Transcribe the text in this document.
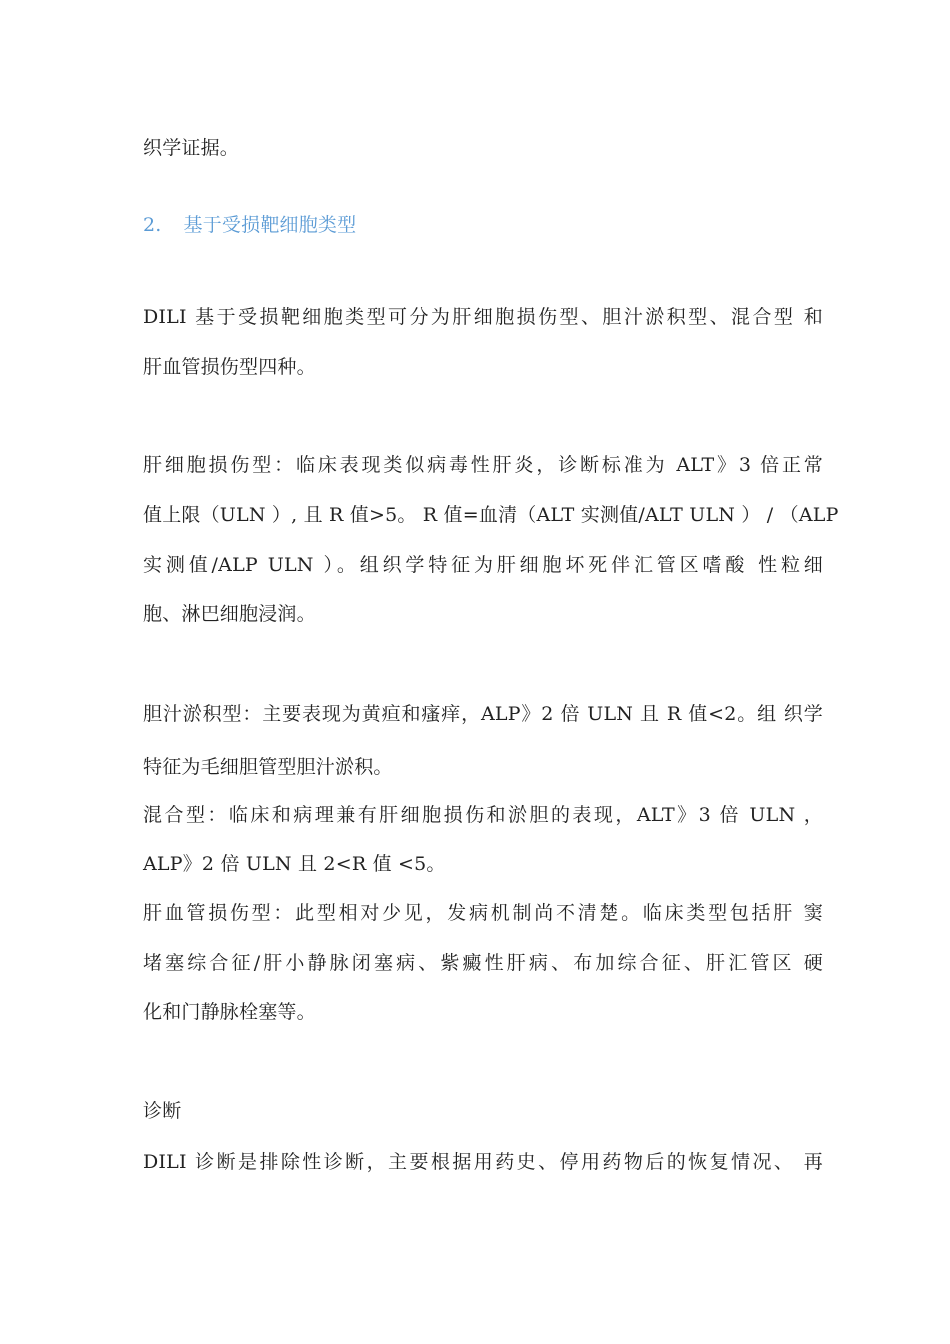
织学证据。
2. 基于受损靶细胞类型
DILI 基于受损靶细胞类型可分为肝细胞损伤型、胆汁淤积型、混合型 和
肝血管损伤型四种。
肝细胞损伤型：临床表现类似病毒性肝炎，诊断标准为 ALT》3 倍正常
值上限（ULN ）, 且 R 值>5。 R 值=血清（ALT 实测值/ALT ULN ） / （ALP
实测值/ALP ULN ）。组织学特征为肝细胞坏死伴汇管区嗜酸 性粒细
胞、淋巴细胞浸润。
胆汁淤积型：主要表现为黄疸和瘙痒，ALP》2 倍 ULN 且 R 值<2。组 织学
特征为毛细胆管型胆汁淤积。
混合型：临床和病理兼有肝细胞损伤和淤胆的表现，ALT》3 倍 ULN ，
ALP》2 倍 ULN 且 2<R 值 <5。
肝血管损伤型：此型相对少见，发病机制尚不清楚。临床类型包括肝 窦
堵塞综合征/肝小静脉闭塞病、紫癜性肝病、布加综合征、肝汇管区 硬
化和门静脉栓塞等。
诊断
DILI 诊断是排除性诊断，主要根据用药史、停用药物后的恢复情况、 再
